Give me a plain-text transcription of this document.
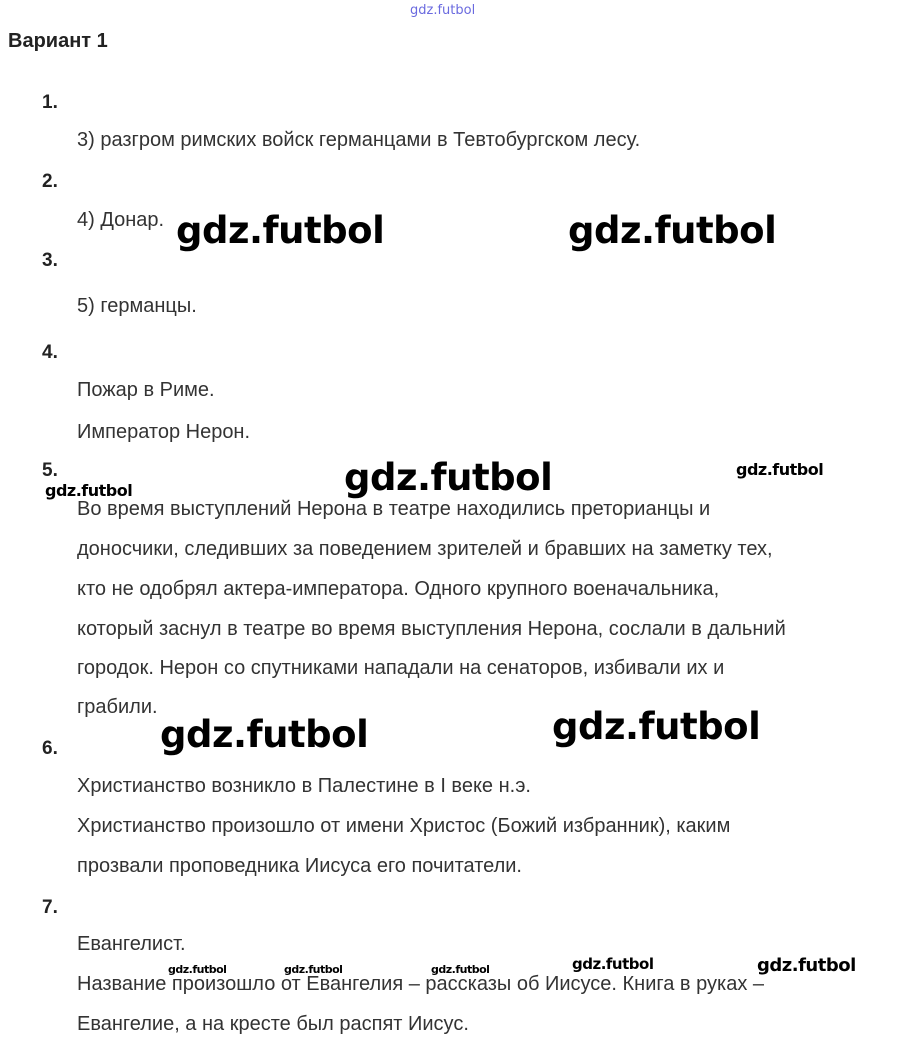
gdz.futbol
Вариант 1
1.
3) разгром римских войск германцами в Тевтобургском лесу.
2.
4) Донар.
3.
5) германцы.
4.
Пожар в Риме.
Император Нерон.
5.
Во время выступлений Нерона в театре находились преторианцы и
доносчики, следивших за поведением зрителей и бравших на заметку тех,
кто не одобрял актера-императора. Одного крупного военачальника,
который заснул в театре во время выступления Нерона, сослали в дальний
городок. Нерон со спутниками нападали на сенаторов, избивали их и
грабили.
6.
Христианство возникло в Палестине в I веке н.э.
Христианство произошло от имени Христос (Божий избранник), каким
прозвали проповедника Иисуса его почитатели.
7.
Евангелист.
Название произошло от Евангелия – рассказы об Иисусе. Книга в руках –
Евангелие, а на кресте был распят Иисус.
gdz.futbol	gdz.futbol
gdz.futbol
gdz.futbol
gdz.futbol
gdz.futbol	gdz.futbol
gdz.futbol	gdz.futbol	gdz.futbol	gdz.futbol	gdz.futbol
